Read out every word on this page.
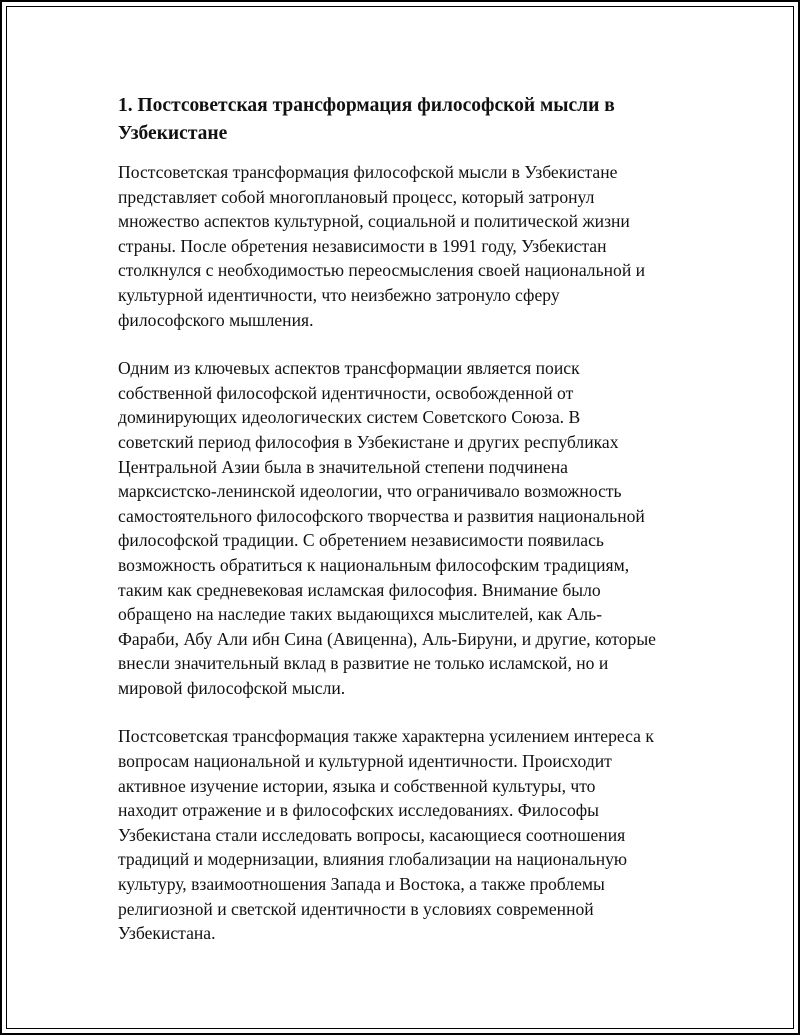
1. Постсоветская трансформация философской мысли в
Узбекистане

Постсоветская трансформация философской мысли в Узбекистане
представляет собой многоплановый процесс, который затронул
множество аспектов культурной, социальной и политической жизни
страны. После обретения независимости в 1991 году, Узбекистан
столкнулся с необходимостью переосмысления своей национальной и
культурной идентичности, что неизбежно затронуло сферу
философского мышления.

Одним из ключевых аспектов трансформации является поиск
собственной философской идентичности, освобожденной от
доминирующих идеологических систем Советского Союза. В
советский период философия в Узбекистане и других республиках
Центральной Азии была в значительной степени подчинена
марксистско-ленинской идеологии, что ограничивало возможность
самостоятельного философского творчества и развития национальной
философской традиции. С обретением независимости появилась
возможность обратиться к национальным философским традициям,
таким как средневековая исламская философия. Внимание было
обращено на наследие таких выдающихся мыслителей, как Аль-
Фараби, Абу Али ибн Сина (Авиценна), Аль-Бируни, и другие, которые
внесли значительный вклад в развитие не только исламской, но и
мировой философской мысли.

Постсоветская трансформация также характерна усилением интереса к
вопросам национальной и культурной идентичности. Происходит
активное изучение истории, языка и собственной культуры, что
находит отражение и в философских исследованиях. Философы
Узбекистана стали исследовать вопросы, касающиеся соотношения
традиций и модернизации, влияния глобализации на национальную
культуру, взаимоотношения Запада и Востока, а также проблемы
религиозной и светской идентичности в условиях современной
Узбекистана.
